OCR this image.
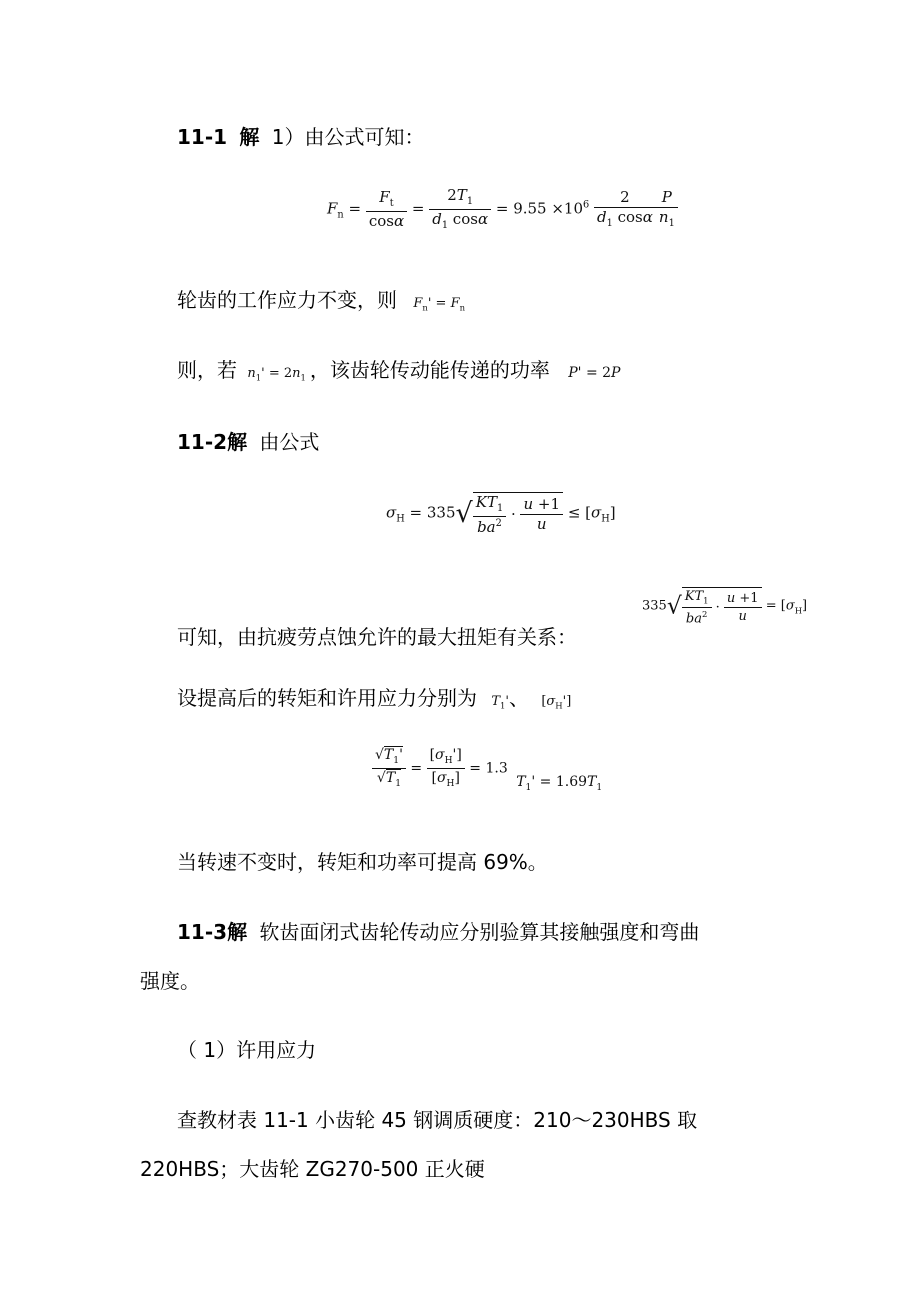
11-1 解 1）由公式可知：
$F_n = \frac{F_t}{\cos\alpha} = \frac{2T_1}{d_1 \cos\alpha} = 9.55 \times 10^6 \frac{2}{d_1 \cos\alpha} \frac{P}{n_1}$
轮齿的工作应力不变，则 $F_n' = F_n$
则，若 $n_1' = 2n_1$ ，该齿轮传动能传递的功率 P' = 2P
11-2解 由公式
$\sigma_H = 335√ \frac{KT_1}{ba^2} \cdot \frac{u +1}{u} \le [\sigma_H]$
可知，由抗疲劳点蚀允许的最大扭矩有关系：
$335√ \frac{KT_1}{ba^2} \cdot \frac{u +1}{u} = [\sigma_H]$
设提高后的转矩和许用应力分别为 $T_1'$、 $[\sigma_H']$
$\frac{√T_1'}{√T_1} = \frac{[\sigma_H']}{[\sigma_H]} = 1.3$ $T_1' = 1.69T_1$
当转速不变时，转矩和功率可提高 69%。
11-3解 软齿面闭式齿轮传动应分别验算其接触强度和弯曲
强度。
（ 1）许用应力
查教材表 11-1 小齿轮 45 钢调质硬度：210～230HBS 取
220HBS；大齿轮 ZG270-500 正火硬
